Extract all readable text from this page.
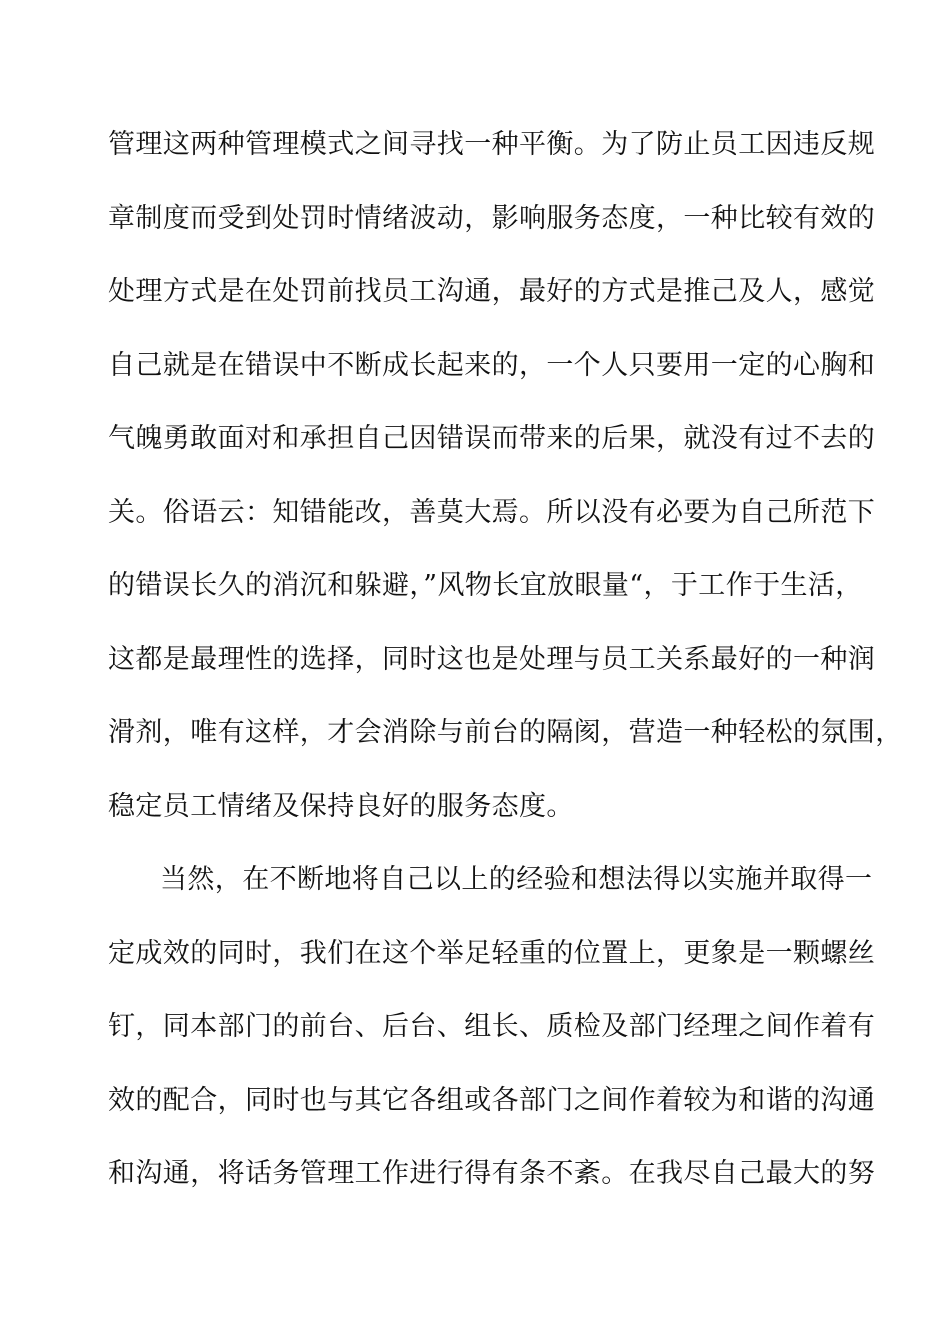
管理这两种管理模式之间寻找一种平衡。为了防止员工因违反规
章制度而受到处罚时情绪波动，影响服务态度，一种比较有效的
处理方式是在处罚前找员工沟通，最好的方式是推己及人，感觉
自己就是在错误中不断成长起来的，一个人只要用一定的心胸和
气魄勇敢面对和承担自己因错误而带来的后果，就没有过不去的
关。俗语云：知错能改，善莫大焉。所以没有必要为自己所范下
的错误长久的消沉和躲避，”风物长宜放眼量“，于工作于生活，
这都是最理性的选择，同时这也是处理与员工关系最好的一种润
滑剂，唯有这样，才会消除与前台的隔阂，营造一种轻松的氛围，
稳定员工情绪及保持良好的服务态度。
当然，在不断地将自己以上的经验和想法得以实施并取得一
定成效的同时，我们在这个举足轻重的位置上，更象是一颗螺丝
钉，同本部门的前台、后台、组长、质检及部门经理之间作着有
效的配合，同时也与其它各组或各部门之间作着较为和谐的沟通
和沟通，将话务管理工作进行得有条不紊。在我尽自己最大的努
